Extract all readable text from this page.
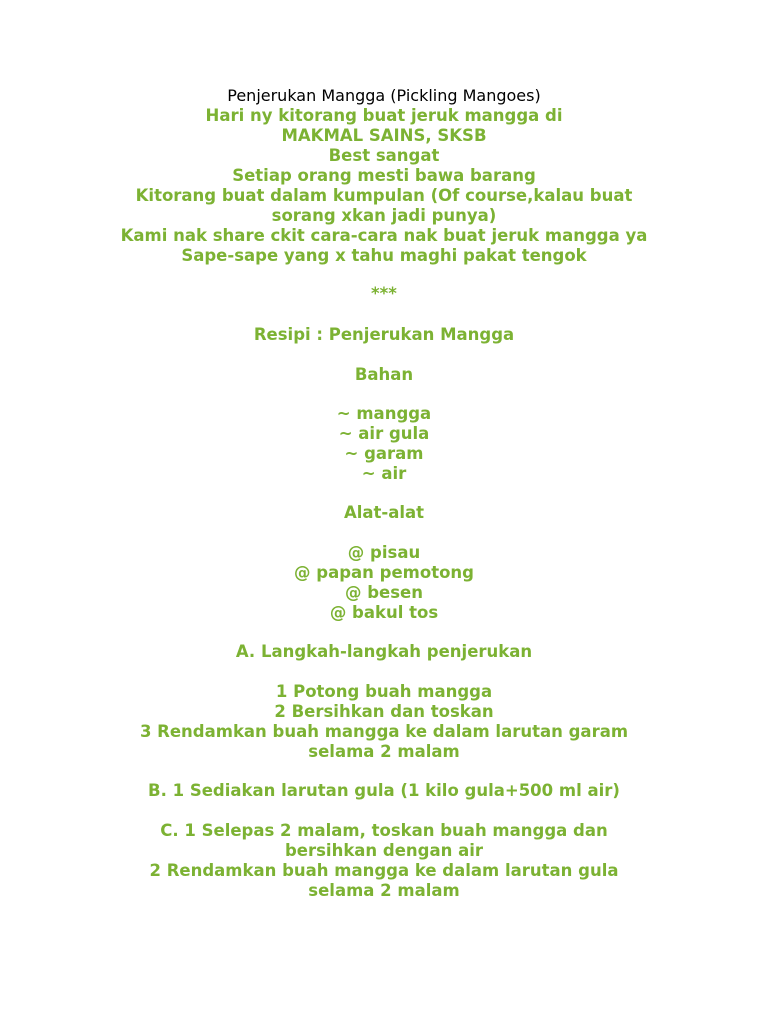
Penjerukan Mangga (Pickling Mangoes)
Hari ny kitorang buat jeruk mangga di
MAKMAL SAINS, SKSB
Best sangat
Setiap orang mesti bawa barang
Kitorang buat dalam kumpulan (Of course,kalau buat
sorang xkan jadi punya)
Kami nak share ckit cara-cara nak buat jeruk mangga ya
Sape-sape yang x tahu maghi pakat tengok
***
Resipi : Penjerukan Mangga
Bahan
~ mangga
~ air gula
~ garam
~ air
Alat-alat
@ pisau
@ papan pemotong
@ besen
@ bakul tos
A. Langkah-langkah penjerukan
1 Potong buah mangga
2 Bersihkan dan toskan
3 Rendamkan buah mangga ke dalam larutan garam
selama 2 malam
B. 1 Sediakan larutan gula (1 kilo gula+500 ml air)
C. 1 Selepas 2 malam, toskan buah mangga dan
bersihkan dengan air
2 Rendamkan buah mangga ke dalam larutan gula
selama 2 malam
